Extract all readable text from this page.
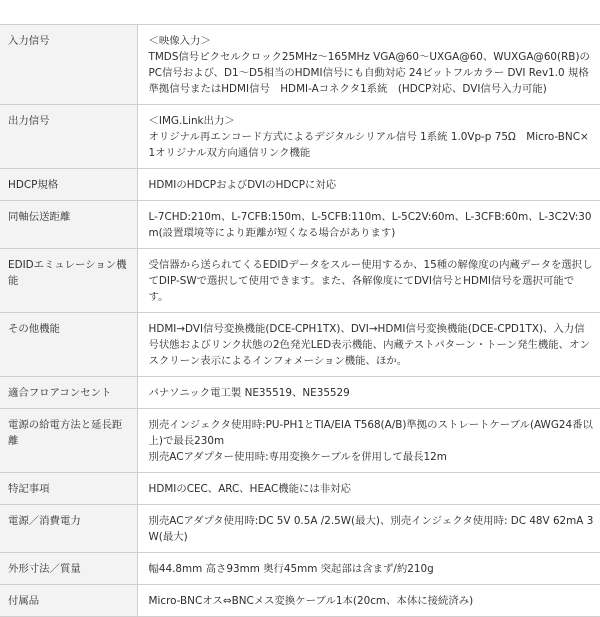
入力信号	＜映像入力＞
TMDS信号ピクセルクロック25MHz～165MHz VGA@60～UXGA@60、WUXGA@60(RB)のPC信号および、D1～D5相当のHDMI信号にも自動対応 24ビットフルカラー DVI Rev1.0 規格準拠信号またはHDMI信号　HDMI-Aコネクタ1系統　(HDCP対応、DVI信号入力可能)

出力信号	＜IMG.Link出力＞
オリジナル再エンコード方式によるデジタルシリアル信号 1系統 1.0Vp-p 75Ω　Micro-BNC×1オリジナル双方向通信リンク機能

HDCP規格	HDMIのHDCPおよびDVIのHDCPに対応

同軸伝送距離	L-7CHD:210m、L-7CFB:150m、L-5CFB:110m、L-5C2V:60m、L-3CFB:60m、L-3C2V:30m(設置環境等により距離が短くなる場合があります)

EDIDエミュレーション機能	受信器から送られてくるEDIDデータをスルー使用するか、15種の解像度の内蔵データを選択してDIP-SWで選択して使用できます。また、各解像度にてDVI信号とHDMI信号を選択可能です。

その他機能	HDMI→DVI信号変換機能(DCE-CPH1TX)、DVI→HDMI信号変換機能(DCE-CPD1TX)、入力信号状態およびリンク状態の2色発光LED表示機能、内蔵テストパターン・トーン発生機能、オンスクリーン表示によるインフォメーション機能、ほか。

適合フロアコンセント	パナソニック電工製 NE35519、NE35529

電源の給電方法と延長距離	別売インジェクタ使用時:PU-PH1とTIA/EIA T568(A/B)準拠のストレートケーブル(AWG24番以上)で最長230m
別売ACアダプター使用時:専用変換ケーブルを併用して最長12m

特記事項	HDMIのCEC、ARC、HEAC機能には非対応

電源／消費電力	別売ACアダプタ使用時:DC 5V 0.5A /2.5W(最大)、別売インジェクタ使用時: DC 48V 62mA 3W(最大)

外形寸法／質量	幅44.8mm 高さ93mm 奥行45mm 突起部は含まず/約210g

付属品	Micro-BNCオス⇔BNCメス変換ケーブル1本(20cm、本体に接続済み)
